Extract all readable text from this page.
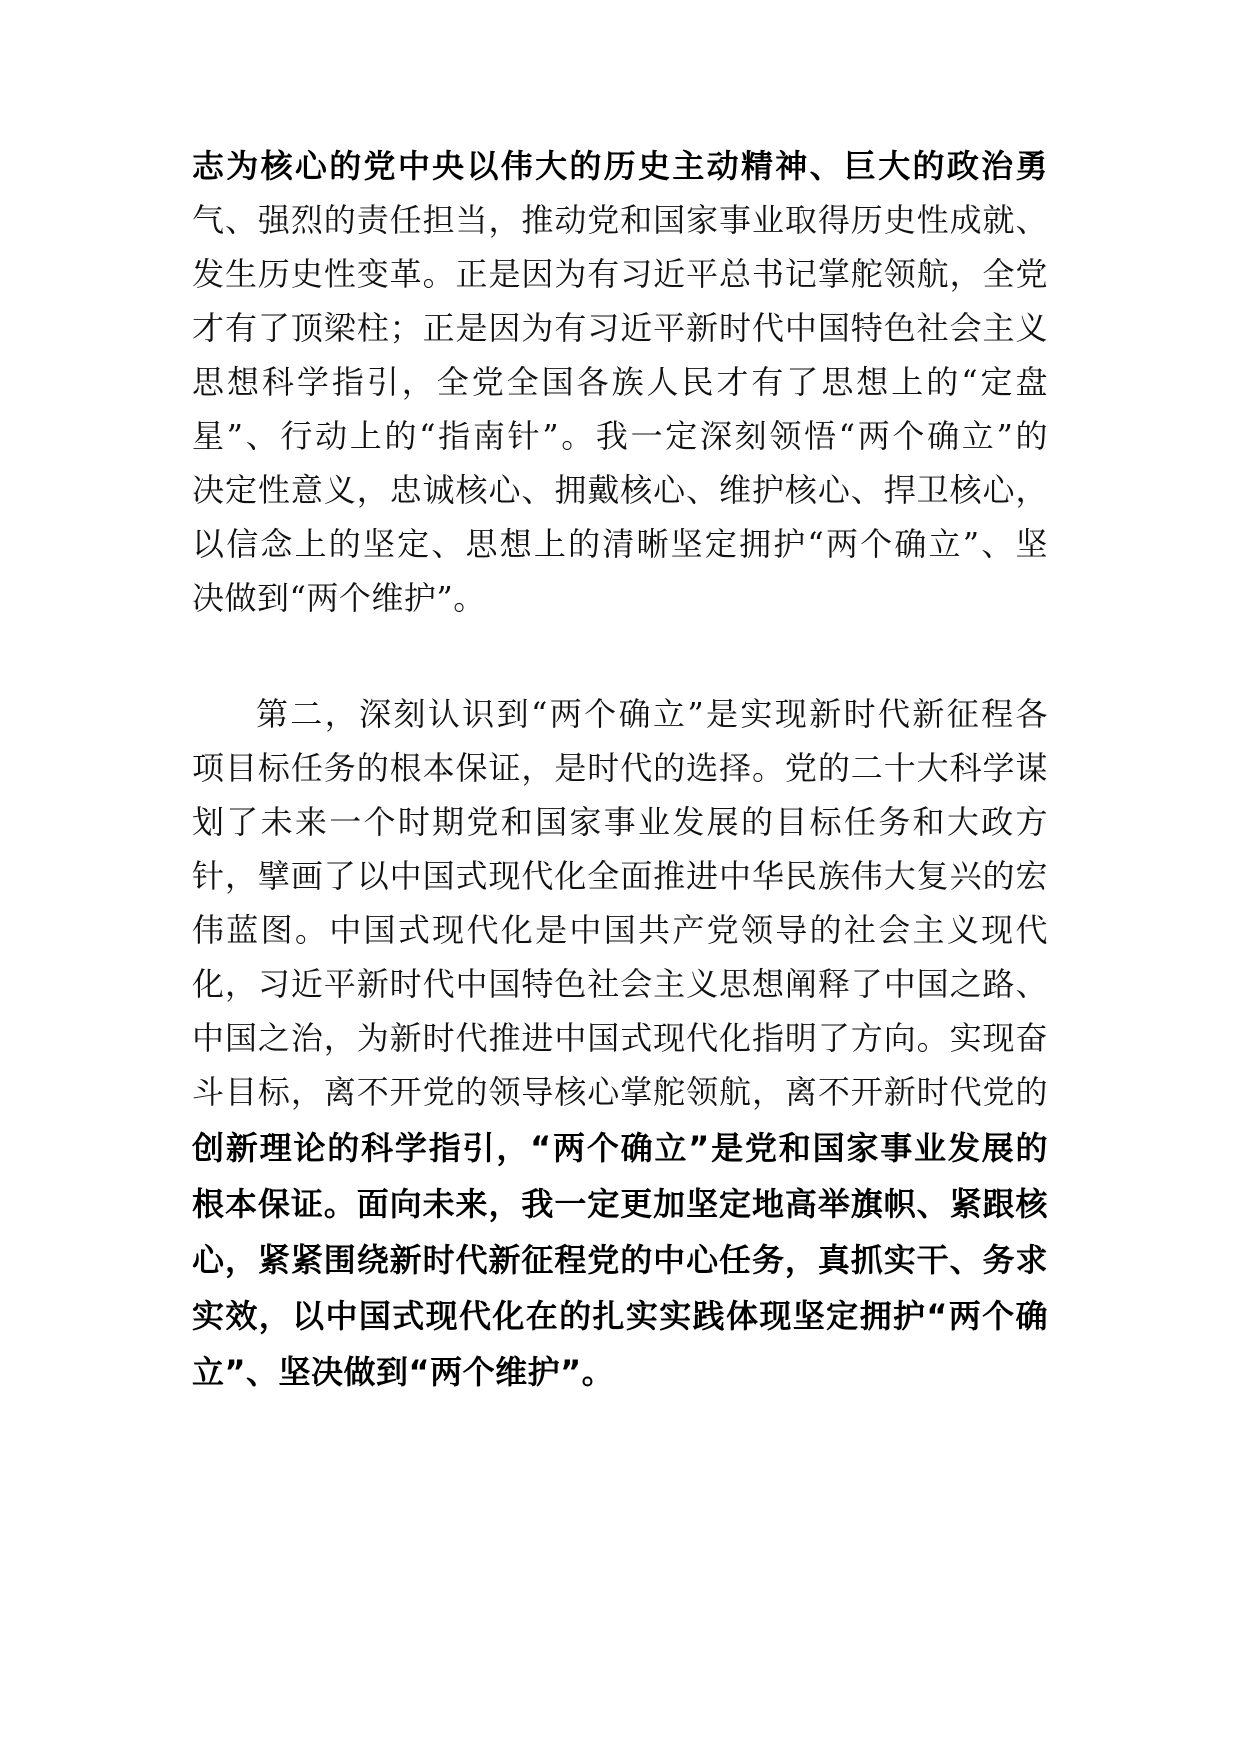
志为核心的党中央以伟大的历史主动精神、巨大的政治勇
气、强烈的责任担当，推动党和国家事业取得历史性成就、
发生历史性变革。正是因为有习近平总书记掌舵领航，全党
才有了顶梁柱；正是因为有习近平新时代中国特色社会主义
思想科学指引，全党全国各族人民才有了思想上的“定盘
星”、行动上的“指南针”。我一定深刻领悟“两个确立”的
决定性意义，忠诚核心、拥戴核心、维护核心、捍卫核心，
以信念上的坚定、思想上的清晰坚定拥护“两个确立”、坚
决做到“两个维护”。
第二，深刻认识到“两个确立”是实现新时代新征程各
项目标任务的根本保证，是时代的选择。党的二十大科学谋
划了未来一个时期党和国家事业发展的目标任务和大政方
针，擘画了以中国式现代化全面推进中华民族伟大复兴的宏
伟蓝图。中国式现代化是中国共产党领导的社会主义现代
化，习近平新时代中国特色社会主义思想阐释了中国之路、
中国之治，为新时代推进中国式现代化指明了方向。实现奋
斗目标，离不开党的领导核心掌舵领航，离不开新时代党的
创新理论的科学指引，“两个确立”是党和国家事业发展的
根本保证。面向未来，我一定更加坚定地高举旗帜、紧跟核
心，紧紧围绕新时代新征程党的中心任务，真抓实干、务求
实效，以中国式现代化在的扎实实践体现坚定拥护“两个确
立”、坚决做到“两个维护”。
